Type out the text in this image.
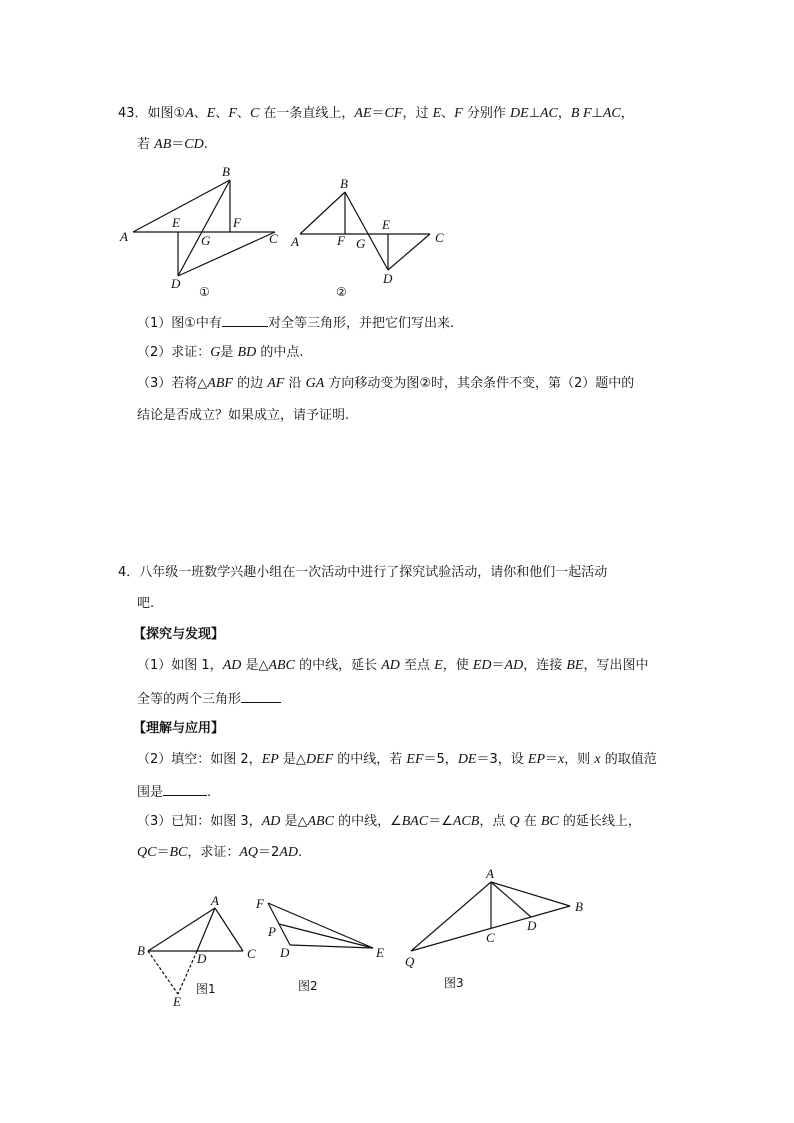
43．如图①A、E、F、C 在一条直线上，AE＝CF，过 E、F 分别作 DE⊥AC，B F⊥AC，
若 AB＝CD.
（1）图①中有	对全等三角形，并把它们写出来.
（2）求证：G是 BD 的中点.
（3）若将△ABF 的边 AF 沿 GA 方向移动变为图②时，其余条件不变，第（2）题中的
结论是否成立？如果成立，请予证明.
4．八年级一班数学兴趣小组在一次活动中进行了探究试验活动，请你和他们一起活动
吧.
【探究与发现】
（1）如图 1，AD 是△ABC 的中线，延长 AD 至点 E，使 ED＝AD，连接 BE，写出图中
全等的两个三角形
【理解与应用】
（2）填空：如图 2，EP 是△DEF 的中线，若 EF＝5，DE＝3，设 EP＝x，则 x 的取值范
围是	.
（3）已知：如图 3，AD 是△ABC 的中线，∠BAC＝∠ACB，点 Q 在 BC 的延长线上，
QC＝BC，求证：AQ＝2AD.
A
B
C
D
E	F
G
①
A
B
C
D
E
F G
②
A
B	C
D
E
图1
F
P
D	E
图2
A
B
C
D
Q
图3
